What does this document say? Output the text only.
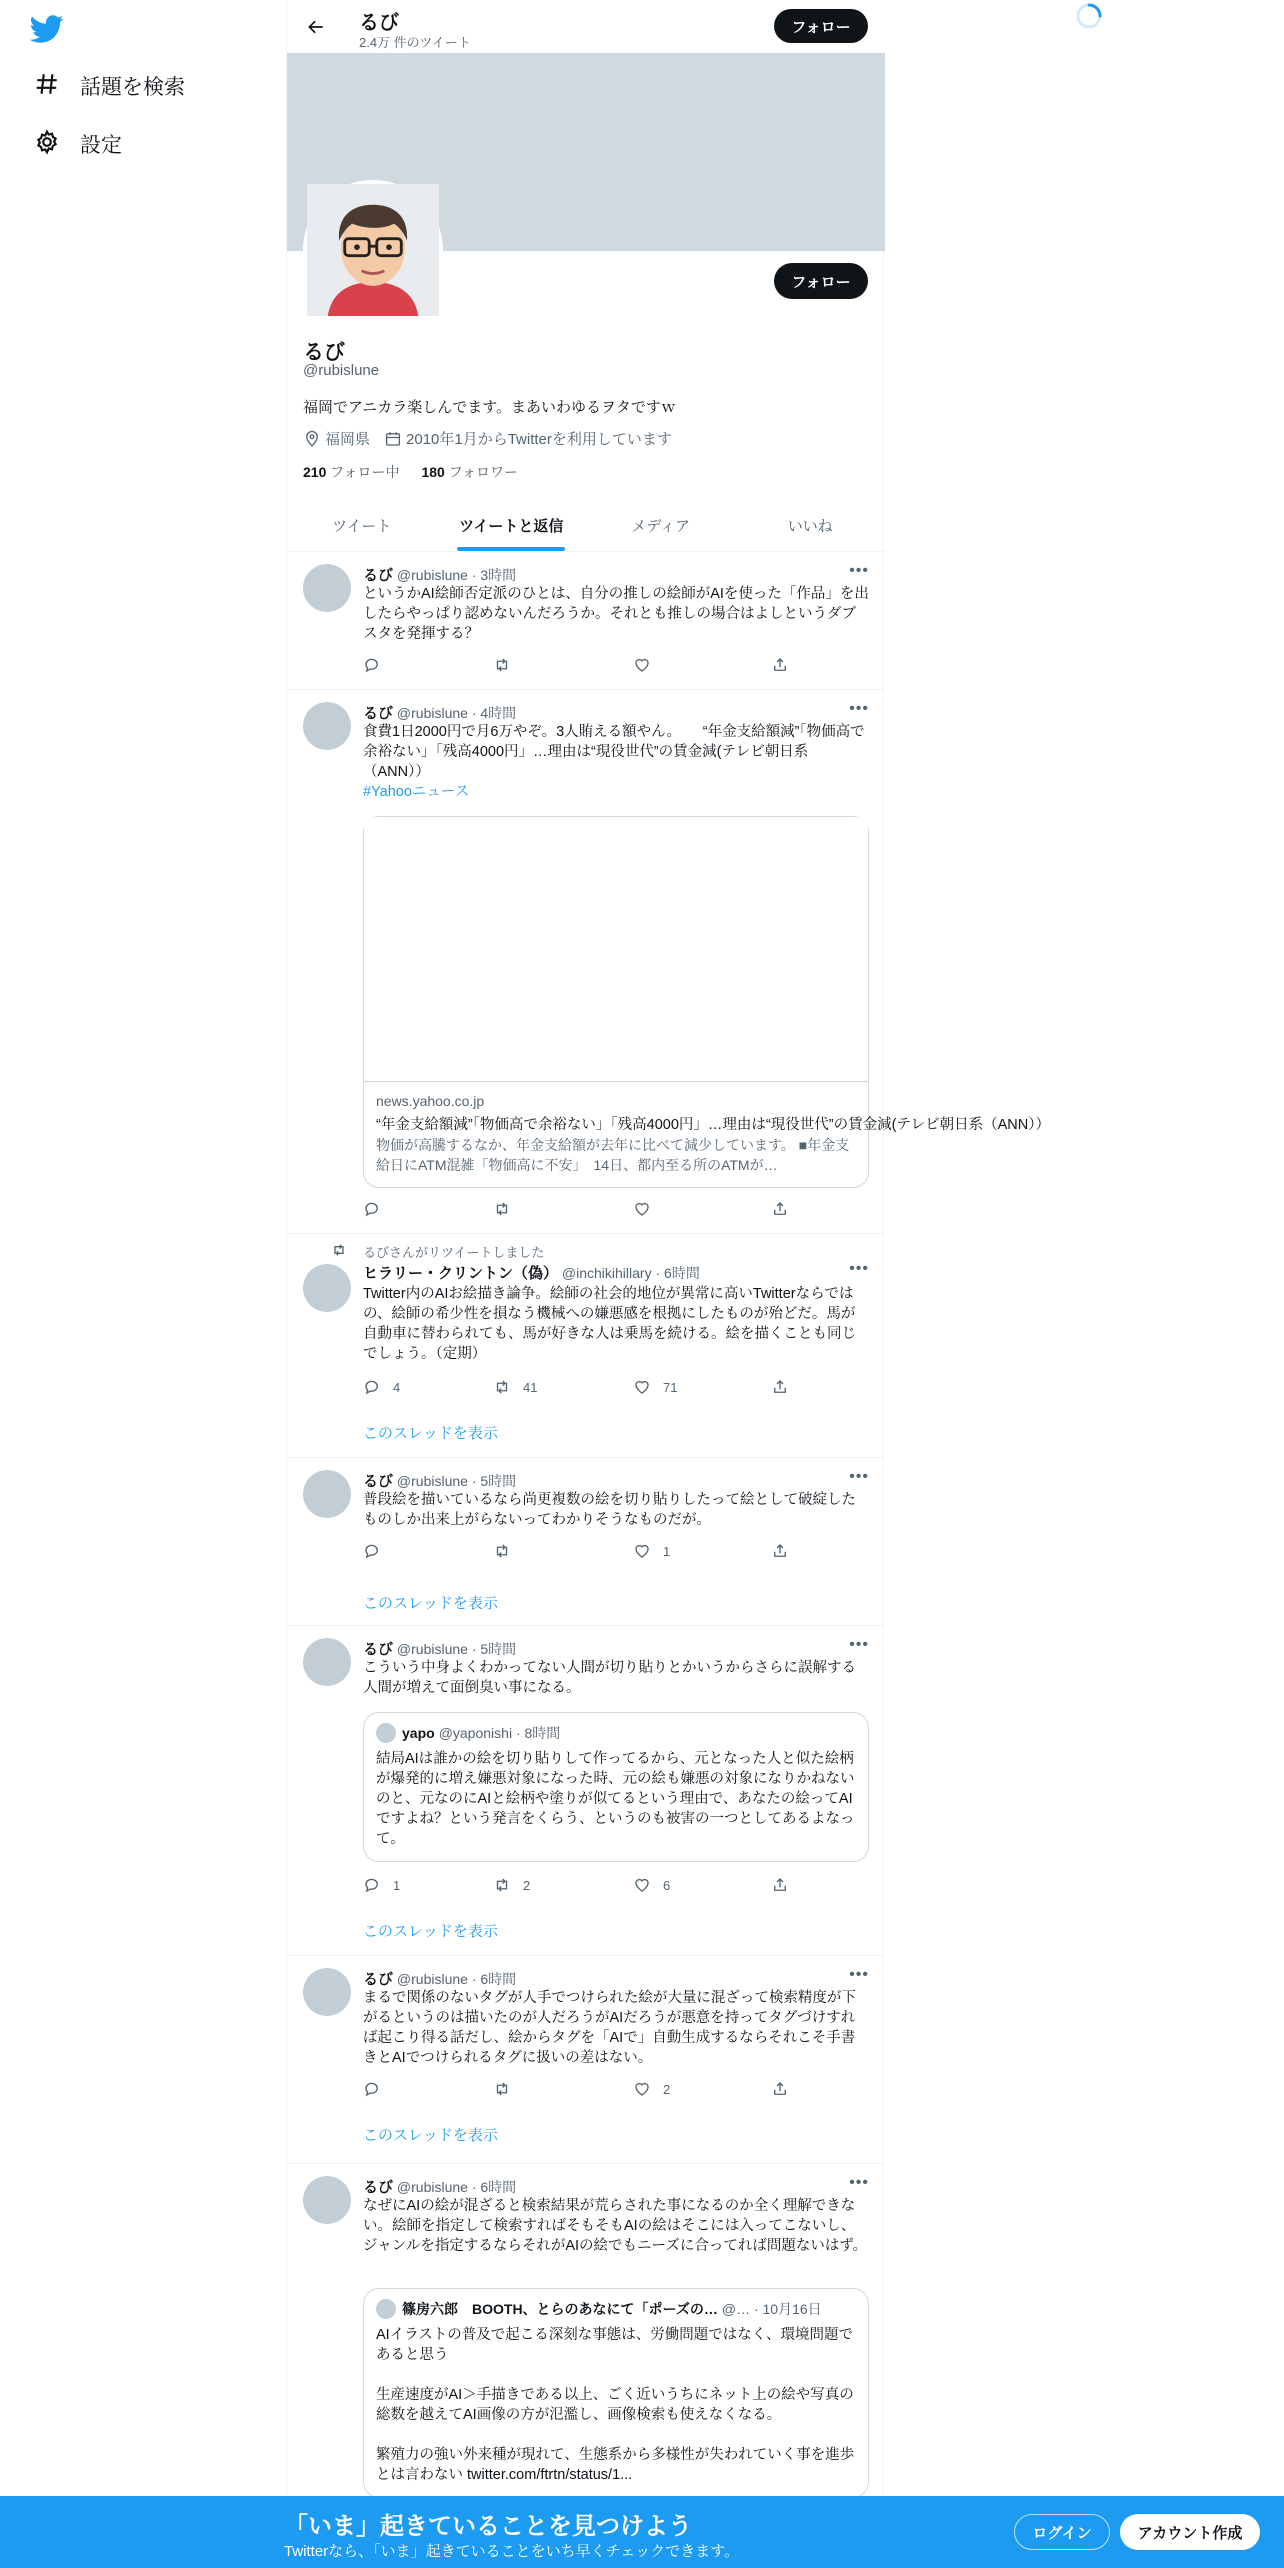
話題を検索
設定
るび
2.4万 件のツイート
フォロー
フォロー
るび
@rubislune
福岡でアニカラ楽しんでます。まあいわゆるヲタですｗ
福岡県 2010年1月からTwitterを利用しています
210 フォロー中 180 フォロワー
ツイート	ツイートと返信	メディア	いいね
るび @rubislune · 3時間	•••
というかAI絵師否定派のひとは、自分の推しの絵師がAIを使った「作品」を出したらやっぱり認めないんだろうか。それとも推しの場合はよしというダブスタを発揮する？
るび @rubislune · 4時間	•••
食費1日2000円で月6万やぞ。3人賄える額やん。　　“年金支給額減”「物価高で余裕ない」「残高4000円」…理由は“現役世代”の賃金減(テレビ朝日系（ANN））
#Yahooニュース
news.yahoo.co.jp
“年金支給額減”「物価高で余裕ない」「残高4000円」…理由は“現役世代”の賃金減(テレビ朝日系（ANN））
物価が高騰するなか、年金支給額が去年に比べて減少しています。 ■年金支給日にATM混雑「物価高に不安」　14日、都内至る所のATMが…
るびさんがリツイートしました
ヒラリー・クリントン（偽） @inchikihillary · 6時間	•••
Twitter内のAIお絵描き論争。絵師の社会的地位が異常に高いTwitterならではの、絵師の希少性を損なう機械への嫌悪感を根拠にしたものが殆どだ。馬が自動車に替わられても、馬が好きな人は乗馬を続ける。絵を描くことも同じでしょう。（定期）
4	41	71
このスレッドを表示
るび @rubislune · 5時間	•••
普段絵を描いているなら尚更複数の絵を切り貼りしたって絵として破綻したものしか出来上がらないってわかりそうなものだが。
1
このスレッドを表示
るび @rubislune · 5時間	•••
こういう中身よくわかってない人間が切り貼りとかいうからさらに誤解する人間が増えて面倒臭い事になる。
yapo @yaponishi · 8時間
結局AIは誰かの絵を切り貼りして作ってるから、元となった人と似た絵柄が爆発的に増え嫌悪対象になった時、元の絵も嫌悪の対象になりかねないのと、元なのにAIと絵柄や塗りが似てるという理由で、あなたの絵ってAIですよね？という発言をくらう、というのも被害の一つとしてあるよなって。
1	2	6
このスレッドを表示
るび @rubislune · 6時間	•••
まるで関係のないタグが人手でつけられた絵が大量に混ざって検索精度が下がるというのは描いたのが人だろうがAIだろうが悪意を持ってタグづけすれば起こり得る話だし、絵からタグを「AIで」自動生成するならそれこそ手書きとAIでつけられるタグに扱いの差はない。
2
このスレッドを表示
るび @rubislune · 6時間	•••
なぜにAIの絵が混ざると検索結果が荒らされた事になるのか全く理解できない。絵師を指定して検索すればそもそもAIの絵はそこには入ってこないし、ジャンルを指定するならそれがAIの絵でもニーズに合ってれば問題ないはず。
篠房六郎　BOOTH、とらのあなにて「ポーズの… @… · 10月16日
AIイラストの普及で起こる深刻な事態は、労働問題ではなく、環境問題であると思う

生産速度がAI＞手描きである以上、ごく近いうちにネット上の絵や写真の総数を越えてAI画像の方が氾濫し、画像検索も使えなくなる。

繁殖力の強い外来種が現れて、生態系から多様性が失われていく事を進歩とは言わない twitter.com/ftrtn/status/1...
「いま」起きていることを見つけよう
Twitterなら、「いま」起きていることをいち早くチェックできます。
ログイン	アカウント作成
